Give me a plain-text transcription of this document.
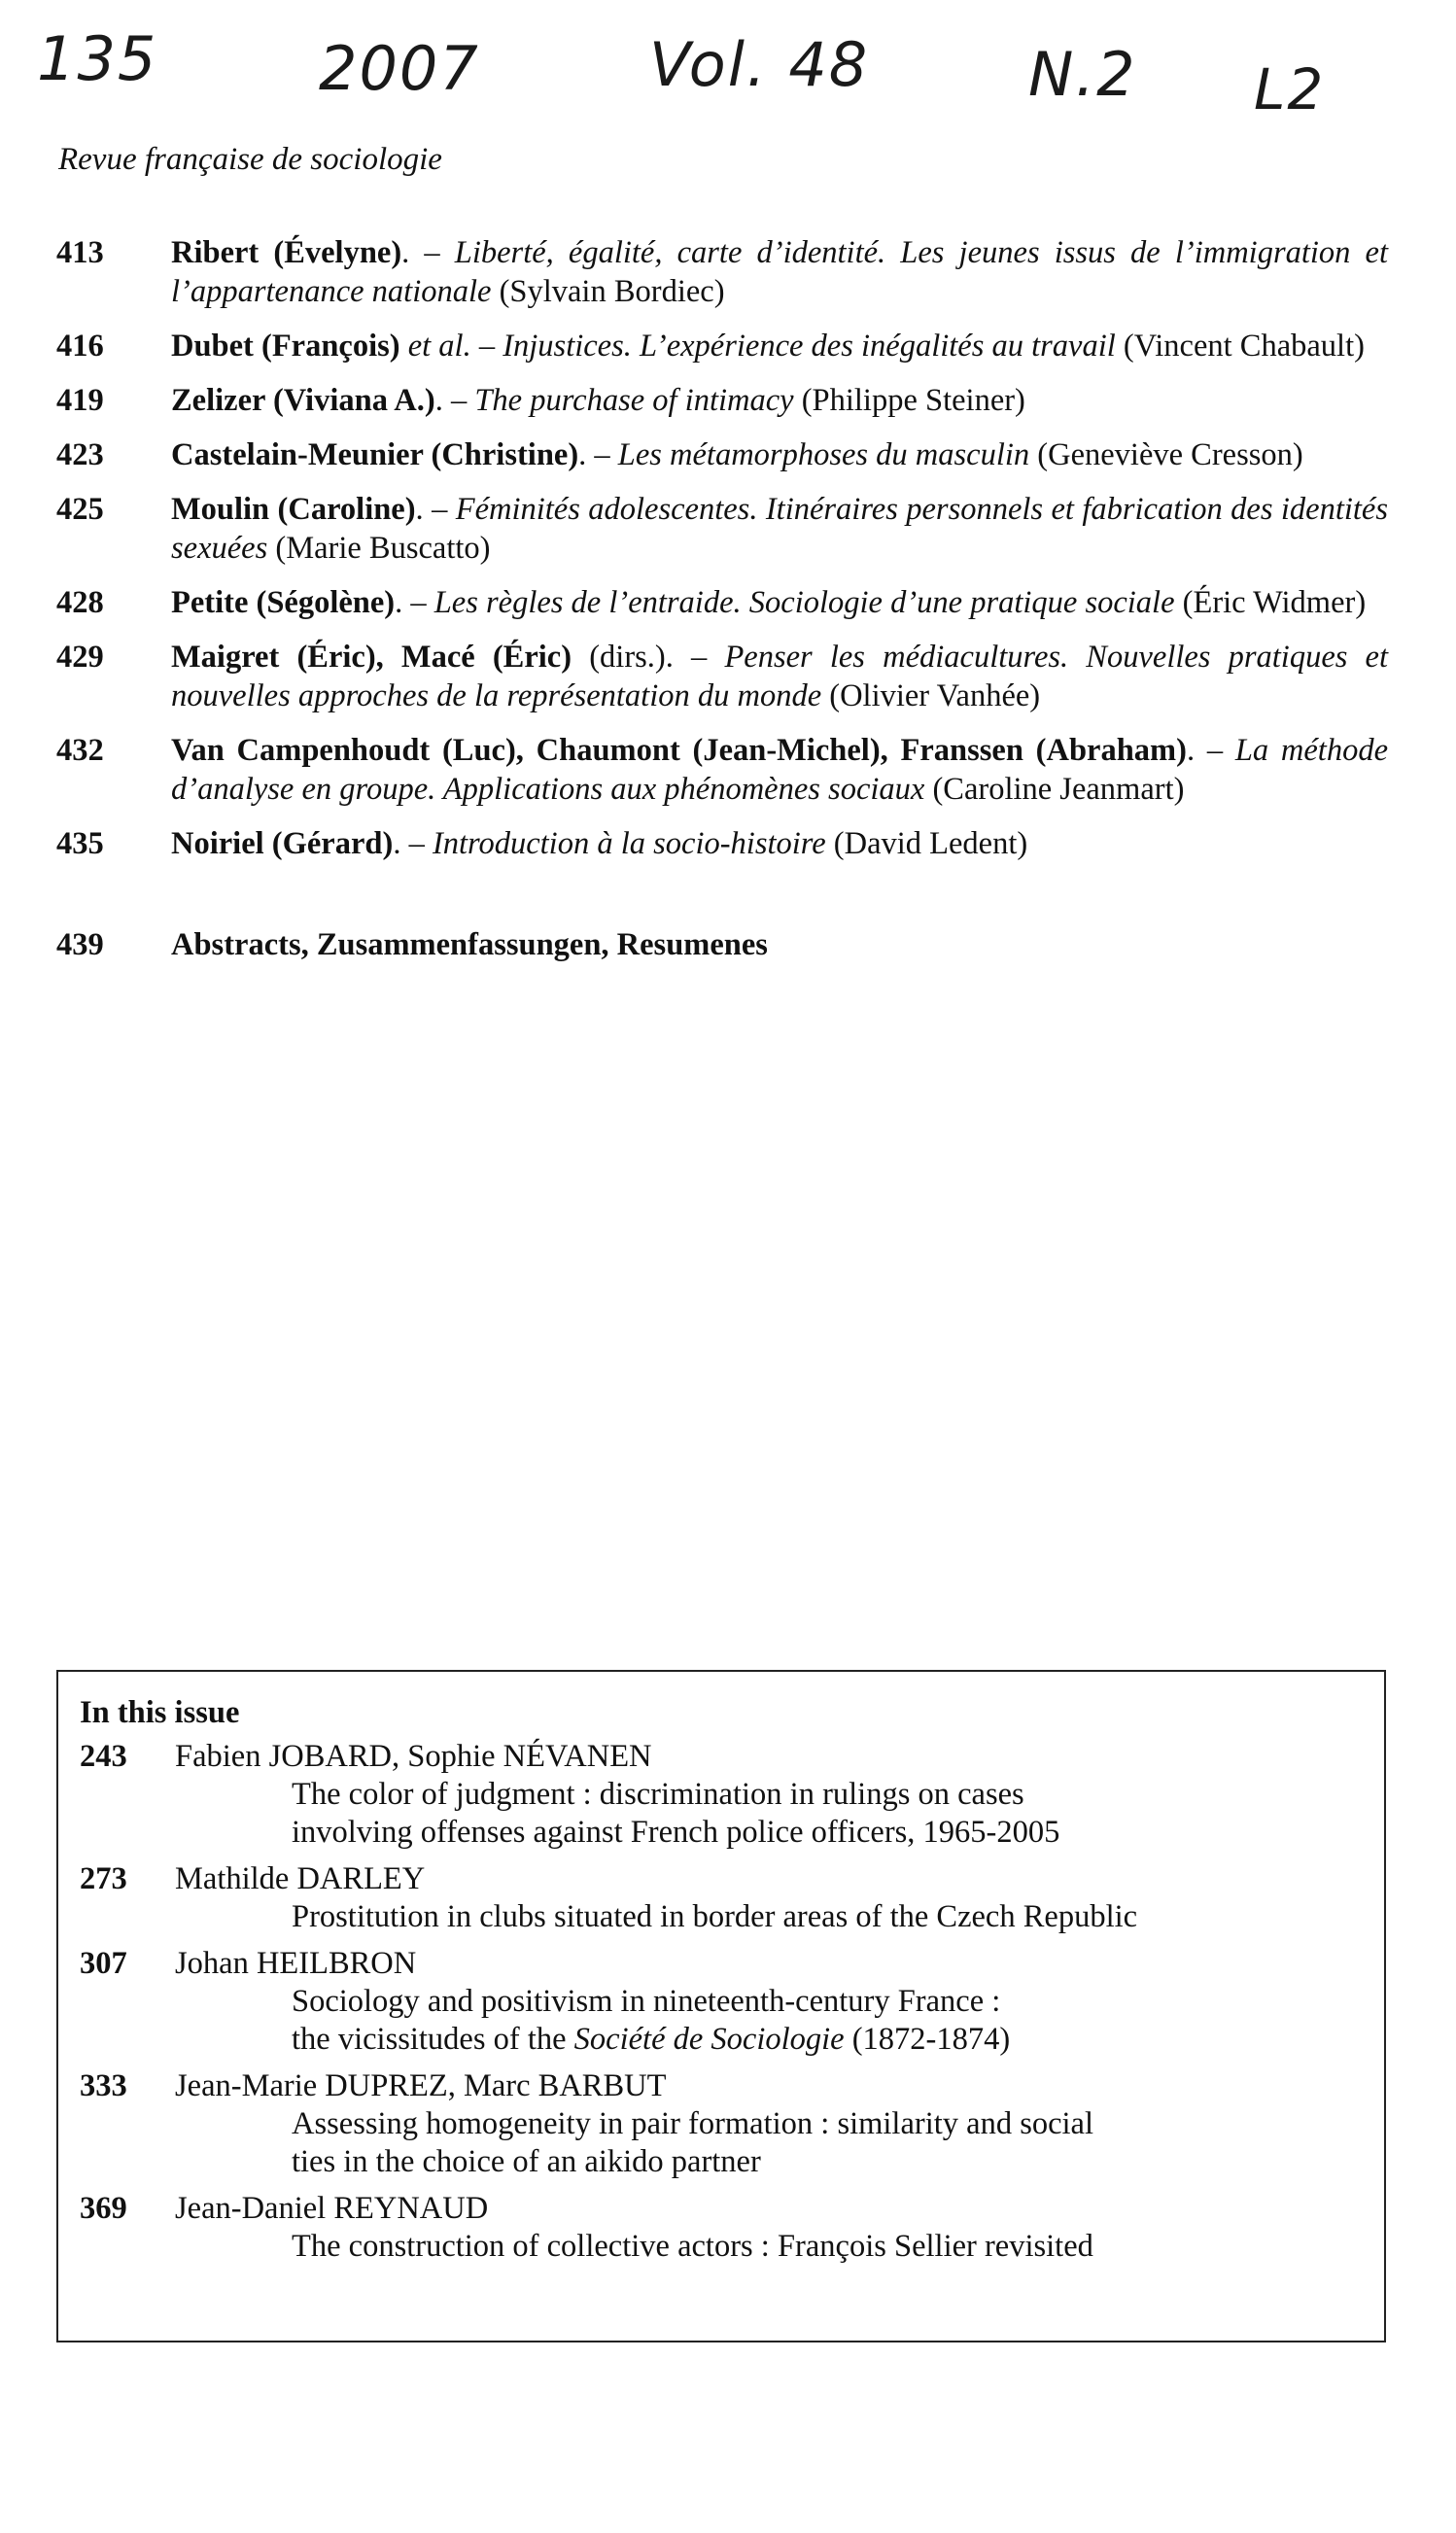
135	2007	Vol. 48	N.2 L2
Revue française de sociologie
413	Ribert (Évelyne). – Liberté, égalité, carte d’identité. Les jeunes issus de l’immigration et l’appartenance nationale (Sylvain Bordiec)
416	Dubet (François) et al. – Injustices. L’expérience des inégalités au travail (Vincent Chabault)
419	Zelizer (Viviana A.). – The purchase of intimacy (Philippe Steiner)
423	Castelain-Meunier (Christine). – Les métamorphoses du masculin (Geneviève Cresson)
425	Moulin (Caroline). – Féminités adolescentes. Itinéraires personnels et fabrication des identités sexuées (Marie Buscatto)
428	Petite (Ségolène). – Les règles de l’entraide. Sociologie d’une pratique sociale (Éric Widmer)
429	Maigret (Éric), Macé (Éric) (dirs.). – Penser les médiacultures. Nouvelles pratiques et nouvelles approches de la représentation du monde (Olivier Vanhée)
432	Van Campenhoudt (Luc), Chaumont (Jean-Michel), Franssen (Abraham). – La méthode d’analyse en groupe. Applications aux phénomènes sociaux (Caroline Jeanmart)
435	Noiriel (Gérard). – Introduction à la socio-histoire (David Ledent)
439	Abstracts, Zusammenfassungen, Resumenes
In this issue
243	Fabien JOBARD, Sophie NÉVANEN
The color of judgment : discrimination in rulings on cases
involving offenses against French police officers, 1965-2005
273	Mathilde DARLEY
Prostitution in clubs situated in border areas of the Czech Republic
307	Johan HEILBRON
Sociology and positivism in nineteenth-century France :
the vicissitudes of the Société de Sociologie (1872-1874)
333	Jean-Marie DUPREZ, Marc BARBUT
Assessing homogeneity in pair formation : similarity and social
ties in the choice of an aikido partner
369	Jean-Daniel REYNAUD
The construction of collective actors : François Sellier revisited
